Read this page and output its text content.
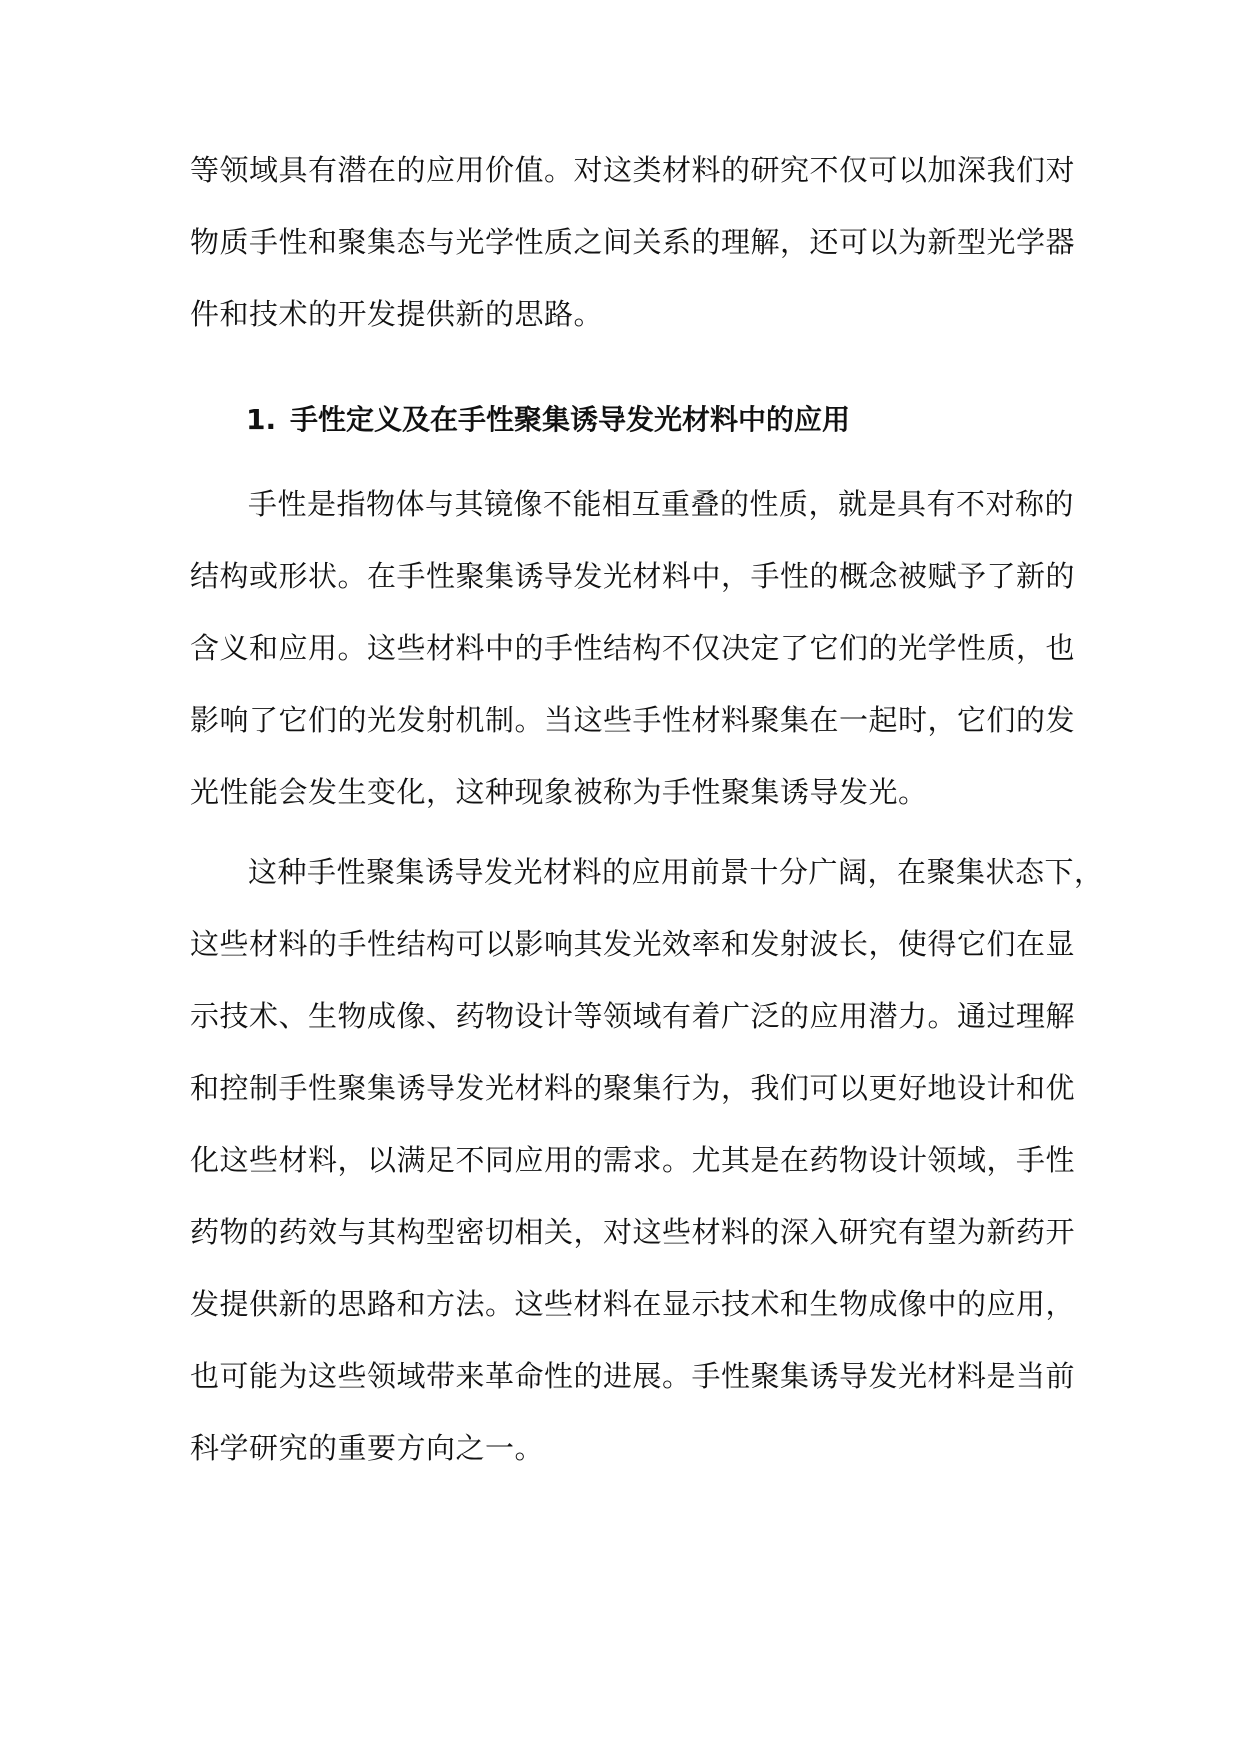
等领域具有潜在的应用价值。对这类材料的研究不仅可以加深我们对
物质手性和聚集态与光学性质之间关系的理解，还可以为新型光学器
件和技术的开发提供新的思路。
1. 手性定义及在手性聚集诱导发光材料中的应用
手性是指物体与其镜像不能相互重叠的性质，就是具有不对称的
结构或形状。在手性聚集诱导发光材料中，手性的概念被赋予了新的
含义和应用。这些材料中的手性结构不仅决定了它们的光学性质，也
影响了它们的光发射机制。当这些手性材料聚集在一起时，它们的发
光性能会发生变化，这种现象被称为手性聚集诱导发光。
这种手性聚集诱导发光材料的应用前景十分广阔，在聚集状态下，
这些材料的手性结构可以影响其发光效率和发射波长，使得它们在显
示技术、生物成像、药物设计等领域有着广泛的应用潜力。通过理解
和控制手性聚集诱导发光材料的聚集行为，我们可以更好地设计和优
化这些材料，以满足不同应用的需求。尤其是在药物设计领域，手性
药物的药效与其构型密切相关，对这些材料的深入研究有望为新药开
发提供新的思路和方法。这些材料在显示技术和生物成像中的应用，
也可能为这些领域带来革命性的进展。手性聚集诱导发光材料是当前
科学研究的重要方向之一。
